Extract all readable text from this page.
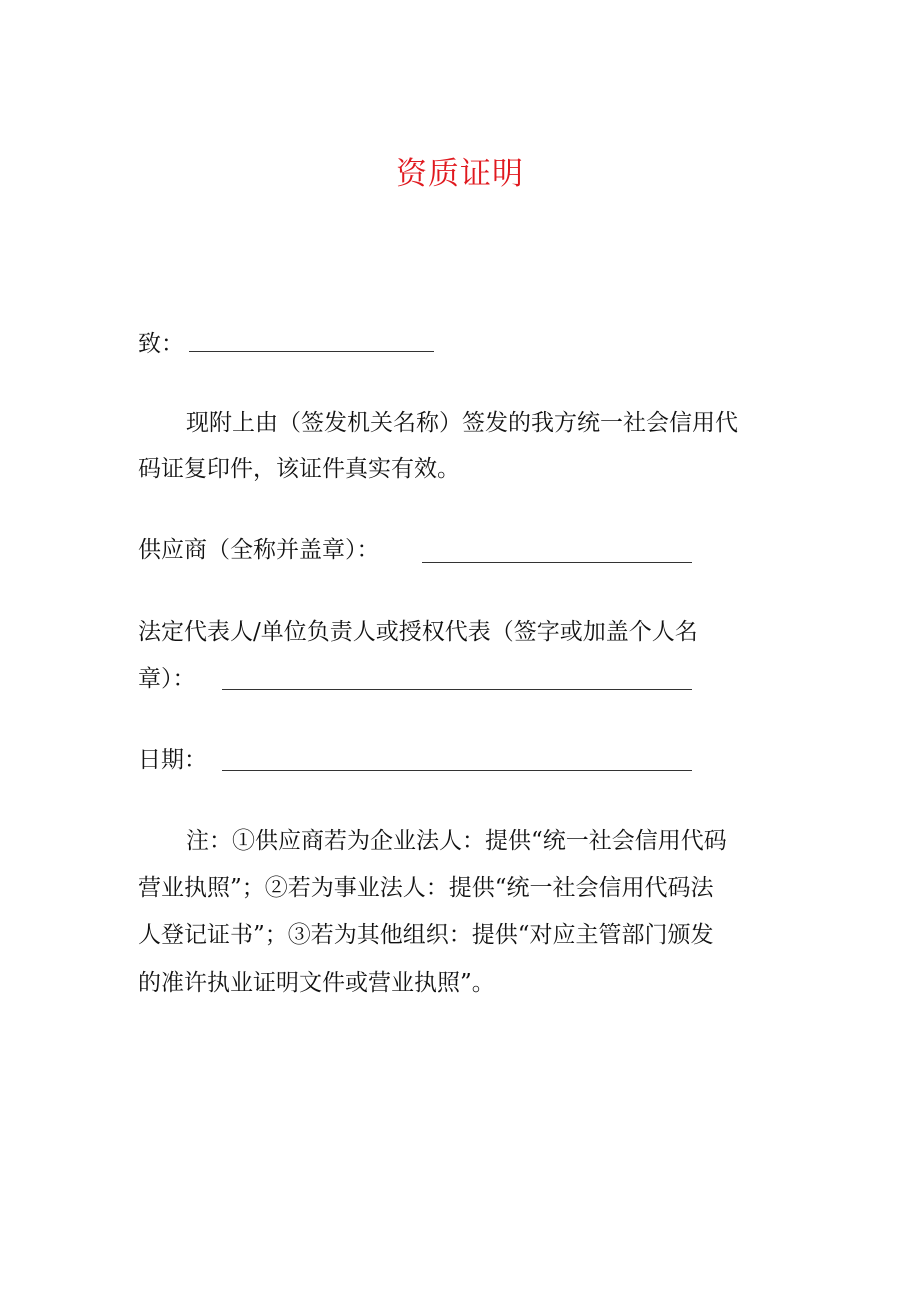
资质证明
致：
现附上由（签发机关名称）签发的我方统一社会信用代
码证复印件，该证件真实有效。
供应商（全称并盖章）：
法定代表人/单位负责人或授权代表（签字或加盖个人名
章）：
日期：
注：①供应商若为企业法人：提供“统一社会信用代码
营业执照”；②若为事业法人：提供“统一社会信用代码法
人登记证书”；③若为其他组织：提供“对应主管部门颁发
的准许执业证明文件或营业执照”。
